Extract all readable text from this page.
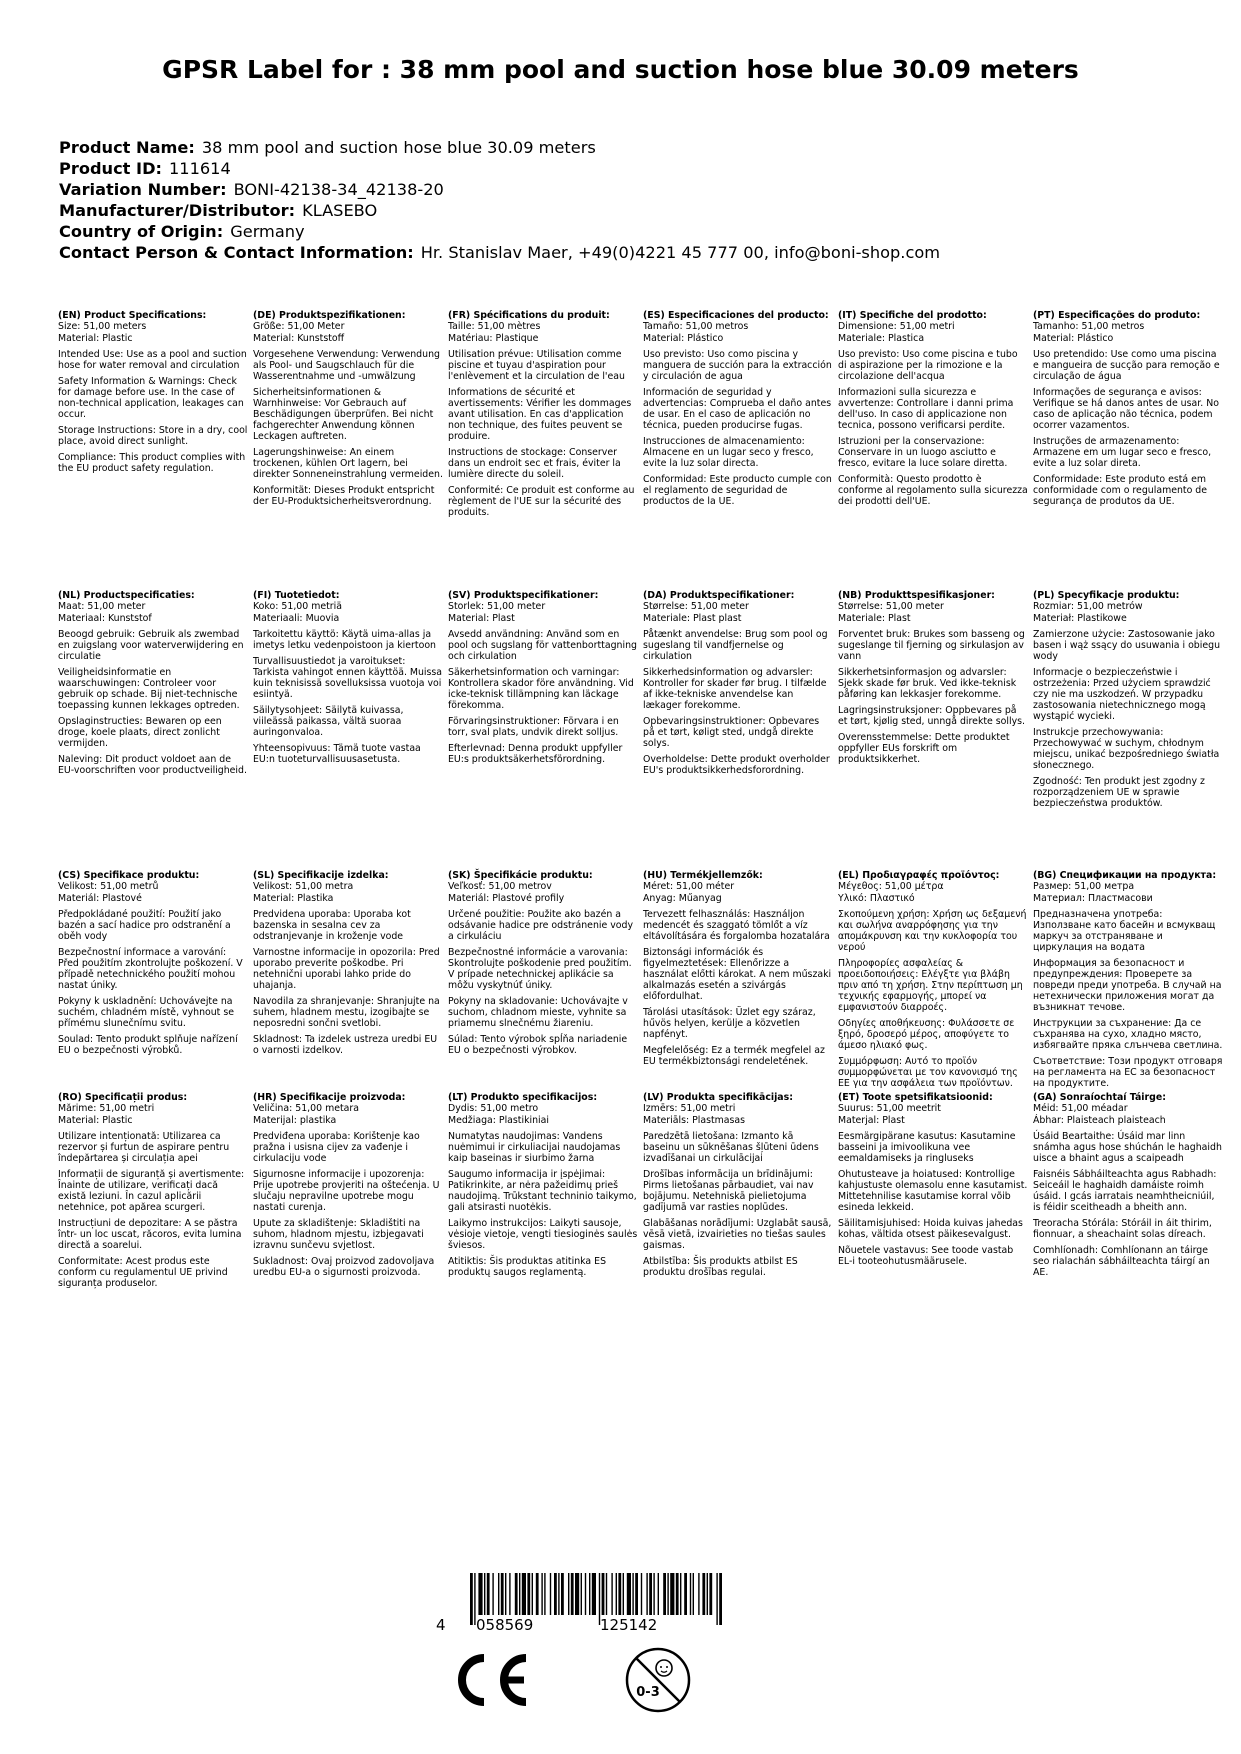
GPSR Label for : 38 mm pool and suction hose blue 30.09 meters
Product Name: 38 mm pool and suction hose blue 30.09 meters
Product ID: 111614
Variation Number: BONI-42138-34_42138-20
Manufacturer/Distributor: KLASEBO
Country of Origin: Germany
Contact Person & Contact Information: Hr. Stanislav Maer, +49(0)4221 45 777 00, info@boni-shop.com
(EN) Product Specifications:

Size: 51,00 meters

Material: Plastic

Intended Use: Use as a pool and suction hose for water removal and circulation

Safety Information & Warnings: Check for damage before use. In the case of non-technical application, leakages can occur.

Storage Instructions: Store in a dry, cool place, avoid direct sunlight.

Compliance: This product complies with the EU product safety regulation.

(DE) Produktspezifikationen:

Größe: 51,00 Meter

Material: Kunststoff

Vorgesehene Verwendung: Verwendung als Pool- und Saugschlauch für die Wasserentnahme und -umwälzung

Sicherheitsinformationen & Warnhinweise: Vor Gebrauch auf Beschädigungen überprüfen. Bei nicht fachgerechter Anwendung können Leckagen auftreten.

Lagerungshinweise: An einem trockenen, kühlen Ort lagern, bei direkter Sonneneinstrahlung vermeiden.

Konformität: Dieses Produkt entspricht der EU-Produktsicherheitsverordnung.

(FR) Spécifications du produit:

Taille: 51,00 mètres

Matériau: Plastique

Utilisation prévue: Utilisation comme piscine et tuyau d'aspiration pour l'enlèvement et la circulation de l'eau

Informations de sécurité et avertissements: Vérifier les dommages avant utilisation. En cas d'application non technique, des fuites peuvent se produire.

Instructions de stockage: Conserver dans un endroit sec et frais, éviter la lumière directe du soleil.

Conformité: Ce produit est conforme au règlement de l'UE sur la sécurité des produits.

(ES) Especificaciones del producto:

Tamaño: 51,00 metros

Material: Plástico

Uso previsto: Uso como piscina y manguera de succión para la extracción y circulación de agua

Información de seguridad y advertencias: Comprueba el daño antes de usar. En el caso de aplicación no técnica, pueden producirse fugas.

Instrucciones de almacenamiento: Almacene en un lugar seco y fresco, evite la luz solar directa.

Conformidad: Este producto cumple con el reglamento de seguridad de productos de la UE.

(IT) Specifiche del prodotto:

Dimensione: 51,00 metri

Materiale: Plastica

Uso previsto: Uso come piscina e tubo di aspirazione per la rimozione e la circolazione dell'acqua

Informazioni sulla sicurezza e avvertenze: Controllare i danni prima dell'uso. In caso di applicazione non tecnica, possono verificarsi perdite.

Istruzioni per la conservazione: Conservare in un luogo asciutto e fresco, evitare la luce solare diretta.

Conformità: Questo prodotto è conforme al regolamento sulla sicurezza dei prodotti dell'UE.

(PT) Especificações do produto:

Tamanho: 51,00 metros

Material: Plástico

Uso pretendido: Use como uma piscina e mangueira de sucção para remoção e circulação de água

Informações de segurança e avisos: Verifique se há danos antes de usar. No caso de aplicação não técnica, podem ocorrer vazamentos.

Instruções de armazenamento: Armazene em um lugar seco e fresco, evite a luz solar direta.

Conformidade: Este produto está em conformidade com o regulamento de segurança de produtos da UE.

(NL) Productspecificaties:

Maat: 51,00 meter

Materiaal: Kunststof

Beoogd gebruik: Gebruik als zwembad en zuigslang voor waterverwijdering en circulatie

Veiligheidsinformatie en waarschuwingen: Controleer voor gebruik op schade. Bij niet-technische toepassing kunnen lekkages optreden.

Opslaginstructies: Bewaren op een droge, koele plaats, direct zonlicht vermijden.

Naleving: Dit product voldoet aan de EU-voorschriften voor productveiligheid.

(FI) Tuotetiedot:

Koko: 51,00 metriä

Materiaali: Muovia

Tarkoitettu käyttö: Käytä uima-allas ja imetys letku vedenpoistoon ja kiertoon

Turvallisuustiedot ja varoitukset: Tarkista vahingot ennen käyttöä. Muissa kuin teknisissä sovelluksissa vuotoja voi esiintyä.

Säilytysohjeet: Säilytä kuivassa, viileässä paikassa, vältä suoraa auringonvaloa.

Yhteensopivuus: Tämä tuote vastaa EU:n tuoteturvallisuusasetusta.

(SV) Produktspecifikationer:

Storlek: 51,00 meter

Material: Plast

Avsedd användning: Använd som en pool och sugslang för vattenborttagning och cirkulation

Säkerhetsinformation och varningar: Kontrollera skador före användning. Vid icke-teknisk tillämpning kan läckage förekomma.

Förvaringsinstruktioner: Förvara i en torr, sval plats, undvik direkt solljus.

Efterlevnad: Denna produkt uppfyller EU:s produktsäkerhetsförordning.

(DA) Produktspecifikationer:

Størrelse: 51,00 meter

Materiale: Plast plast

Påtænkt anvendelse: Brug som pool og sugeslang til vandfjernelse og cirkulation

Sikkerhedsinformation og advarsler: Kontroller for skader før brug. I tilfælde af ikke-tekniske anvendelse kan lækager forekomme.

Opbevaringsinstruktioner: Opbevares på et tørt, køligt sted, undgå direkte solys.

Overholdelse: Dette produkt overholder EU's produktsikkerhedsforordning.

(NB) Produkttspesifikasjoner:

Størrelse: 51,00 meter

Materiale: Plast

Forventet bruk: Brukes som basseng og sugeslange til fjerning og sirkulasjon av vann

Sikkerhetsinformasjon og advarsler: Sjekk skade før bruk. Ved ikke-teknisk påføring kan lekkasjer forekomme.

Lagringsinstruksjoner: Oppbevares på et tørt, kjølig sted, unngå direkte sollys.

Overensstemmelse: Dette produktet oppfyller EUs forskrift om produktsikkerhet.

(PL) Specyfikacje produktu:

Rozmiar: 51,00 metrów

Materiał: Plastikowe

Zamierzone użycie: Zastosowanie jako basen i wąż ssący do usuwania i obiegu wody

Informacje o bezpieczeństwie i ostrzeżenia: Przed użyciem sprawdzić czy nie ma uszkodzeń. W przypadku zastosowania nietechnicznego mogą wystąpić wycieki.

Instrukcje przechowywania: Przechowywać w suchym, chłodnym miejscu, unikać bezpośredniego światła słonecznego.

Zgodność: Ten produkt jest zgodny z rozporządzeniem UE w sprawie bezpieczeństwa produktów.

(CS) Specifikace produktu:

Velikost: 51,00 metrů

Materiál: Plastové

Předpokládané použití: Použití jako bazén a sací hadice pro odstranění a oběh vody

Bezpečnostní informace a varování: Před použitím zkontrolujte poškození. V případě netechnického použití mohou nastat úniky.

Pokyny k uskladnění: Uchovávejte na suchém, chladném místě, vyhnout se přímému slunečnímu svitu.

Soulad: Tento produkt splňuje nařízení EU o bezpečnosti výrobků.

(SL) Specifikacije izdelka:

Velikost: 51,00 metra

Material: Plastika

Predvidena uporaba: Uporaba kot bazenska in sesalna cev za odstranjevanje in kroženje vode

Varnostne informacije in opozorila: Pred uporabo preverite poškodbe. Pri netehnični uporabi lahko pride do uhajanja.

Navodila za shranjevanje: Shranjujte na suhem, hladnem mestu, izogibajte se neposredni sončni svetlobi.

Skladnost: Ta izdelek ustreza uredbi EU o varnosti izdelkov.

(SK) Špecifikácie produktu:

Veľkosť: 51,00 metrov

Materiál: Plastové profily

Určené použitie: Použite ako bazén a odsávanie hadice pre odstránenie vody a cirkuláciu

Bezpečnostné informácie a varovania: Skontrolujte poškodenie pred použitím. V prípade netechnickej aplikácie sa môžu vyskytnúť úniky.

Pokyny na skladovanie: Uchovávajte v suchom, chladnom mieste, vyhnite sa priamemu slnečnému žiareniu.

Súlad: Tento výrobok spĺňa nariadenie EU o bezpečnosti výrobkov.

(HU) Termékjellemzők:

Méret: 51,00 méter

Anyag: Műanyag

Tervezett felhasználás: Használjon medencét és szaggató tömlőt a víz eltávolítására és forgalomba hozatalára

Biztonsági információk és figyelmeztetések: Ellenőrizze a használat előtti károkat. A nem műszaki alkalmazás esetén a szivárgás előfordulhat.

Tárolási utasítások: Üzlet egy száraz, hűvös helyen, kerülje a közvetlen napfényt.

Megfelelőség: Ez a termék megfelel az EU termékbiztonsági rendeletének.

(EL) Προδιαγραφές προϊόντος:

Μέγεθος: 51,00 μέτρα

Υλικό: Πλαστικό

Σκοπούμενη χρήση: Χρήση ως δεξαμενή και σωλήνα αναρρόφησης για την απομάκρυνση και την κυκλοφορία του νερού

Πληροφορίες ασφαλείας & προειδοποιήσεις: Ελέγξτε για βλάβη πριν από τη χρήση. Στην περίπτωση μη τεχνικής εφαρμογής, μπορεί να εμφανιστούν διαρροές.

Οδηγίες αποθήκευσης: Φυλάσσετε σε ξηρό, δροσερό μέρος, αποφύγετε το άμεσο ηλιακό φως.

Συμμόρφωση: Αυτό το προϊόν συμμορφώνεται με τον κανονισμό της ΕΕ για την ασφάλεια των προϊόντων.

(BG) Спецификации на продукта:

Размер: 51,00 метра

Материал: Пластмасови

Предназначена употреба: Използване като басейн и всмукващ маркуч за отстраняване и циркулация на водата

Информация за безопасност и предупреждения: Проверете за повреди преди употреба. В случай на нетехнически приложения могат да възникнат течове.

Инструкции за съхранение: Да се съхранява на сухо, хладно място, избягвайте пряка слънчева светлина.

Съответствие: Този продукт отговаря на регламента на ЕС за безопасност на продуктите.

(RO) Specificații produs:

Mărime: 51,00 metri

Material: Plastic

Utilizare intenționată: Utilizarea ca rezervor și furtun de aspirare pentru îndepărtarea și circulația apei

Informații de siguranță și avertismente: Înainte de utilizare, verificați dacă există leziuni. În cazul aplicării netehnice, pot apărea scurgeri.

Instrucțiuni de depozitare: A se păstra într- un loc uscat, răcoros, evita lumina directă a soarelui.

Conformitate: Acest produs este conform cu regulamentul UE privind siguranța produselor.

(HR) Specifikacije proizvoda:

Veličina: 51,00 metara

Materijal: plastika

Predviđena uporaba: Korištenje kao pražna i usisna cijev za vađenje i cirkulaciju vode

Sigurnosne informacije i upozorenja: Prije upotrebe provjeriti na oštećenja. U slučaju nepravilne upotrebe mogu nastati curenja.

Upute za skladištenje: Skladištiti na suhom, hladnom mjestu, izbjegavati izravnu sunčevu svjetlost.

Sukladnost: Ovaj proizvod zadovoljava uredbu EU-a o sigurnosti proizvoda.

(LT) Produkto specifikacijos:

Dydis: 51,00 metro

Medžiaga: Plastikiniai

Numatytas naudojimas: Vandens nuėmimui ir cirkuliacijai naudojamas kaip baseinas ir siurbimo žarna

Saugumo informacija ir įspėjimai: Patikrinkite, ar nėra pažeidimų prieš naudojimą. Trūkstant techninio taikymo, gali atsirasti nuotėkis.

Laikymo instrukcijos: Laikyti sausoje, vėsioje vietoje, vengti tiesioginės saulės šviesos.

Atitiktis: Šis produktas atitinka ES produktų saugos reglamentą.

(LV) Produkta specifikācijas:

Izmērs: 51,00 metri

Materiāls: Plastmasas

Paredzētā lietošana: Izmanto kā baseinu un sūknēšanas šļūteni ūdens izvadīšanai un cirkulācijai

Drošības informācija un brīdinājumi: Pirms lietošanas pārbaudiet, vai nav bojājumu. Netehniskā pielietojuma gadījumā var rasties noplūdes.

Glabāšanas norādījumi: Uzglabāt sausā, vēsā vietā, izvairieties no tiešas saules gaismas.

Atbilstība: Šis produkts atbilst ES produktu drošības regulai.

(ET) Toote spetsifikatsioonid:

Suurus: 51,00 meetrit

Materjal: Plast

Eesmärgipärane kasutus: Kasutamine basseini ja imivoolikuna vee eemaldamiseks ja ringluseks

Ohutusteave ja hoiatused: Kontrollige kahjustuste olemasolu enne kasutamist. Mittetehnilise kasutamise korral võib esineda lekkeid.

Säilitamisjuhised: Hoida kuivas jahedas kohas, vältida otsest päikesevalgust.

Nõuetele vastavus: See toode vastab EL-i tooteohutusmäärusele.

(GA) Sonraíochtaí Táirge:

Méid: 51,00 méadar

Ábhar: Plaisteach plaisteach

Úsáid Beartaithe: Úsáid mar linn snámha agus hose shúchán le haghaidh uisce a bhaint agus a scaipeadh

Faisnéis Sábháilteachta agus Rabhadh: Seiceáil le haghaidh damáiste roimh úsáid. I gcás iarratais neamhtheicniúil, is féidir sceitheadh a bheith ann.

Treoracha Stórála: Stóráil in áit thirim, fionnuar, a sheachaint solas díreach.

Comhlíonadh: Comhlíonann an táirge seo rialachán sábháilteachta táirgí an AE.

4 058569	125142
0-3
